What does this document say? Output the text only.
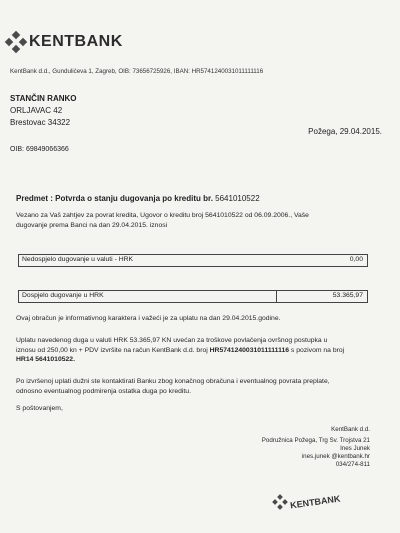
KENTBANK
KentBank d.d., Gundulićeva 1, Zagreb, OIB: 73656725926, IBAN: HR5741240031011111116
STANČIN RANKO
ORLJAVAC 42
Brestovac 34322
Požega, 29.04.2015.
OIB: 69849066366
Predmet : Potvrda o stanju dugovanja po kreditu br. 5641010522
Vezano za Vaš zahtjev za povrat kredita, Ugovor o kreditu broj 5641010522 od 06.09.2006., Vaše
dugovanje prema Banci na dan 29.04.2015. iznosi
Nedospjelo dugovanje u valuti - HRK	0,00
Dospjelo dugovanje u HRK	53.365,97
Ovaj obračun je informativnog karaktera i važeći je za uplatu na dan 29.04.2015.godine.
Uplatu navedenog duga u valuti HRK 53.365,97 KN uvećan za troškove povlačenja ovršnog postupka u
iznosu od 250,00 kn + PDV izvršite na račun KentBank d.d. broj HR5741240031011111116 s pozivom na broj
HR14 5641010522.
Po izvršenoj uplati dužni ste kontaktirati Banku zbog konačnog obračuna i eventualnog povrata preplate,
odnosno eventualnog podmirenja ostatka duga po kreditu.
S poštovanjem,
KentBank d.d.
Podružnica Požega, Trg Sv. Trojstva 21
Ines Junek
ines.junek @kentbank.hr
034/274-811
KENTBANK
